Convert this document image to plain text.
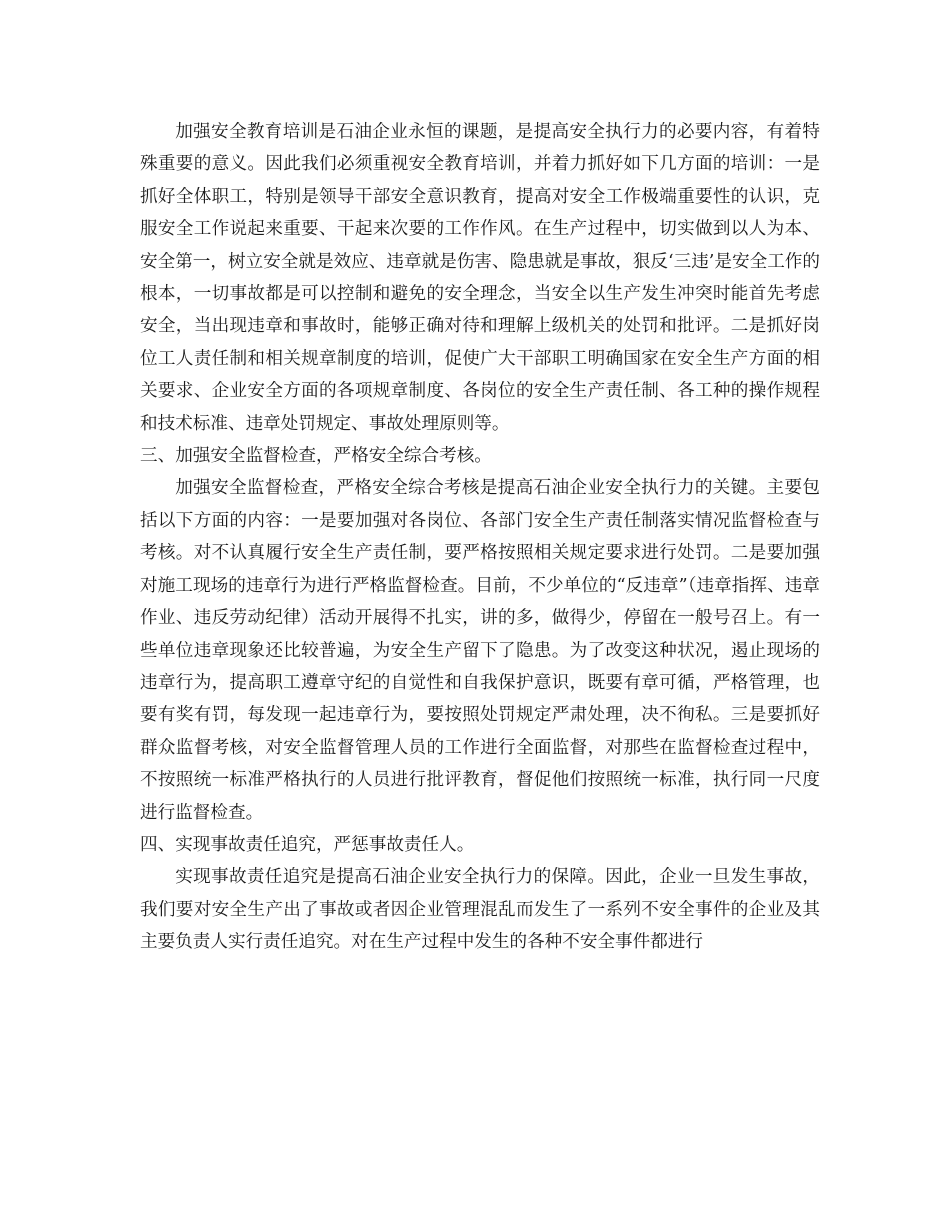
加强安全教育培训是石油企业永恒的课题，是提高安全执行力的必要内容，有着特殊重要的意义。因此我们必须重视安全教育培训，并着力抓好如下几方面的培训：一是抓好全体职工，特别是领导干部安全意识教育，提高对安全工作极端重要性的认识，克服安全工作说起来重要、干起来次要的工作作风。在生产过程中，切实做到以人为本、安全第一，树立安全就是效应、违章就是伤害、隐患就是事故，狠反‘三违’是安全工作的根本，一切事故都是可以控制和避免的安全理念，当安全以生产发生冲突时能首先考虑安全，当出现违章和事故时，能够正确对待和理解上级机关的处罚和批评。二是抓好岗位工人责任制和相关规章制度的培训，促使广大干部职工明确国家在安全生产方面的相关要求、企业安全方面的各项规章制度、各岗位的安全生产责任制、各工种的操作规程和技术标准、违章处罚规定、事故处理原则等。

三、加强安全监督检查，严格安全综合考核。

加强安全监督检查，严格安全综合考核是提高石油企业安全执行力的关键。主要包括以下方面的内容：一是要加强对各岗位、各部门安全生产责任制落实情况监督检查与考核。对不认真履行安全生产责任制，要严格按照相关规定要求进行处罚。二是要加强对施工现场的违章行为进行严格监督检查。目前，不少单位的“反违章”（违章指挥、违章作业、违反劳动纪律）活动开展得不扎实，讲的多，做得少，停留在一般号召上。有一些单位违章现象还比较普遍，为安全生产留下了隐患。为了改变这种状况，遏止现场的违章行为，提高职工遵章守纪的自觉性和自我保护意识，既要有章可循，严格管理，也要有奖有罚，每发现一起违章行为，要按照处罚规定严肃处理，决不徇私。三是要抓好群众监督考核，对安全监督管理人员的工作进行全面监督，对那些在监督检查过程中，不按照统一标准严格执行的人员进行批评教育，督促他们按照统一标准，执行同一尺度进行监督检查。

四、实现事故责任追究，严惩事故责任人。

实现事故责任追究是提高石油企业安全执行力的保障。因此，企业一旦发生事故，我们要对安全生产出了事故或者因企业管理混乱而发生了一系列不安全事件的企业及其主要负责人实行责任追究。对在生产过程中发生的各种不安全事件都进行
